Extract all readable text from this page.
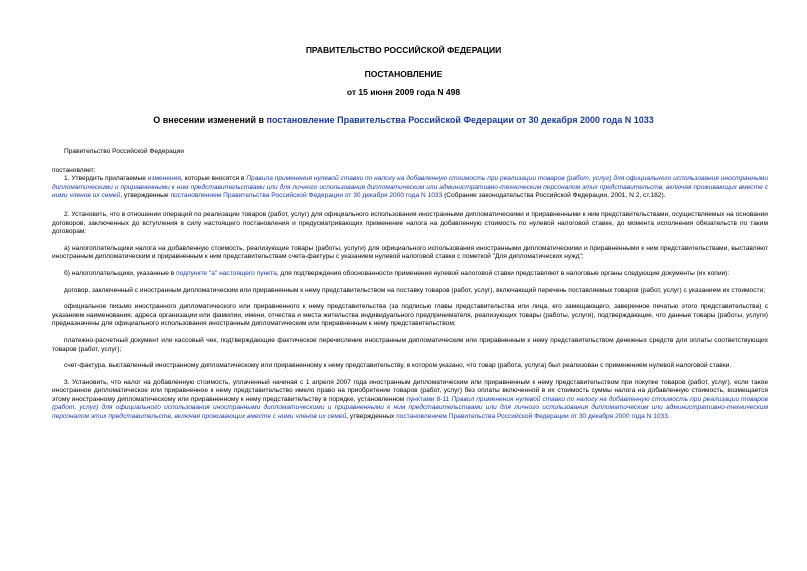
ПРАВИТЕЛЬСТВО РОССИЙСКОЙ ФЕДЕРАЦИИ
ПОСТАНОВЛЕНИЕ
от 15 июня 2009 года N 498
О внесении изменений в постановление Правительства Российской Федерации от 30 декабря 2000 года N 1033

Правительство Российской Федерации

постановляет:

1. Утвердить прилагаемые изменения, которые вносятся в Правила применения нулевой ставки по налогу на добавленную стоимость при реализации товаров (работ, услуг) для официального использования иностранными дипломатическими и приравненными к ним представительствами или для личного использования дипломатическим или административно-техническим персоналом этих представительств, включая проживающих вместе с ними членов их семей, утвержденные постановлением Правительства Российской Федерации от 30 декабря 2000 года N 1033 (Собрание законодательства Российской Федерации, 2001, N 2, ст.182).

2. Установить, что в отношении операций по реализации товаров (работ, услуг) для официального использования иностранными дипломатическими и приравненными к ним представительствами, осуществляемых на основании договоров, заключенных до вступления в силу настоящего постановления и предусматривающих применение налога на добавленную стоимость по нулевой налоговой ставке, до момента исполнения обязательств по таким договорам:

а) налогоплательщики налога на добавленную стоимость, реализующие товары (работы, услуги) для официального использования иностранными дипломатическими и приравненными к ним представительствами, выставляют иностранным дипломатическим и приравненным к ним представительствам счета-фактуры с указанием нулевой налоговой ставки с пометкой "Для дипломатических нужд";

б) налогоплательщики, указанные в подпункте "а" настоящего пункта, для подтверждения обоснованности применения нулевой налоговой ставки представляют в налоговые органы следующие документы (их копии):

договор, заключенный с иностранным дипломатическим или приравненным к нему представительством на поставку товаров (работ, услуг), включающий перечень поставляемых товаров (работ, услуг) с указанием их стоимости;

официальное письмо иностранного дипломатического или приравненного к нему представительства (за подписью главы представительства или лица, его замещающего, заверенное печатью этого представительства) с указанием наименования, адреса организации или фамилии, имени, отчества и места жительства индивидуального предпринимателя, реализующих товары (работы, услуги), подтверждающее, что данные товары (работы, услуги) предназначены для официального использования иностранным дипломатическим или приравненным к нему представительством;

платежно-расчетный документ или кассовый чек, подтверждающие фактическое перечисление иностранным дипломатическим или приравненным к нему представительством денежных средств для оплаты соответствующих товаров (работ, услуг);

счет-фактура, выставленный иностранному дипломатическому или приравненному к нему представительству, в котором указано, что товар (работа, услуга) был реализован с применением нулевой налоговой ставки.

3. Установить, что налог на добавленную стоимость, уплаченный начиная с 1 апреля 2007 года иностранным дипломатическим или приравненным к нему представительством при покупке товаров (работ, услуг), если такое иностранное дипломатическое или приравненное к нему представительство имело право на приобретение товаров (работ, услуг) без оплаты включенной в их стоимость суммы налога на добавленную стоимость, возмещается этому иностранному дипломатическому или приравненному к нему представительству в порядке, установленном пунктами 8-11 Правил применения нулевой ставки по налогу на добавленную стоимость при реализации товаров (работ, услуг) для официального использования иностранными дипломатическими и приравненными к ним представительствами или для личного использования дипломатическим или административно-техническим персоналом этих представительств, включая проживающих вместе с ними членов их семей, утвержденных постановлением Правительства Российской Федерации от 30 декабря 2000 года N 1033.
